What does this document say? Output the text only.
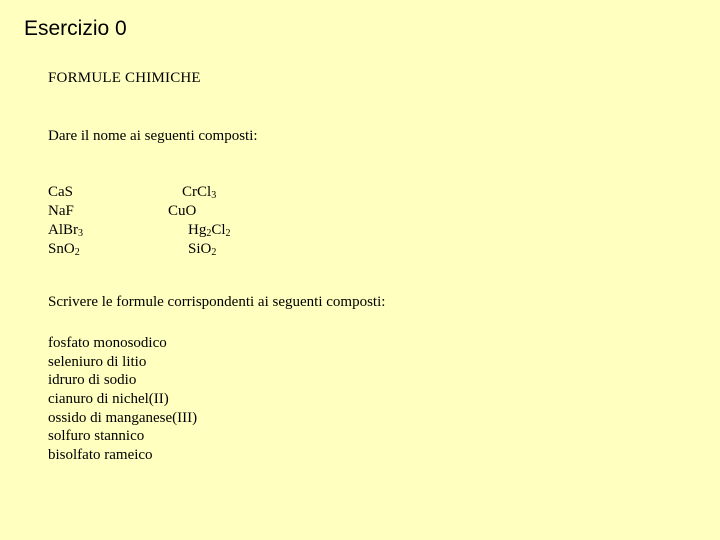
Esercizio 0
FORMULE CHIMICHE
Dare il nome ai seguenti composti:
CaS	CrCl$_3$
NaF	CuO
AlBr$_3$	$Hg_2Cl_2$
SnO$_2$	SiO$_2$
Scrivere le formule corrispondenti ai seguenti composti:
fosfato monosodico
seleniuro di litio
idruro di sodio
cianuro di nichel(II)
ossido di manganese(III)
solfuro stannico
bisolfato rameico
